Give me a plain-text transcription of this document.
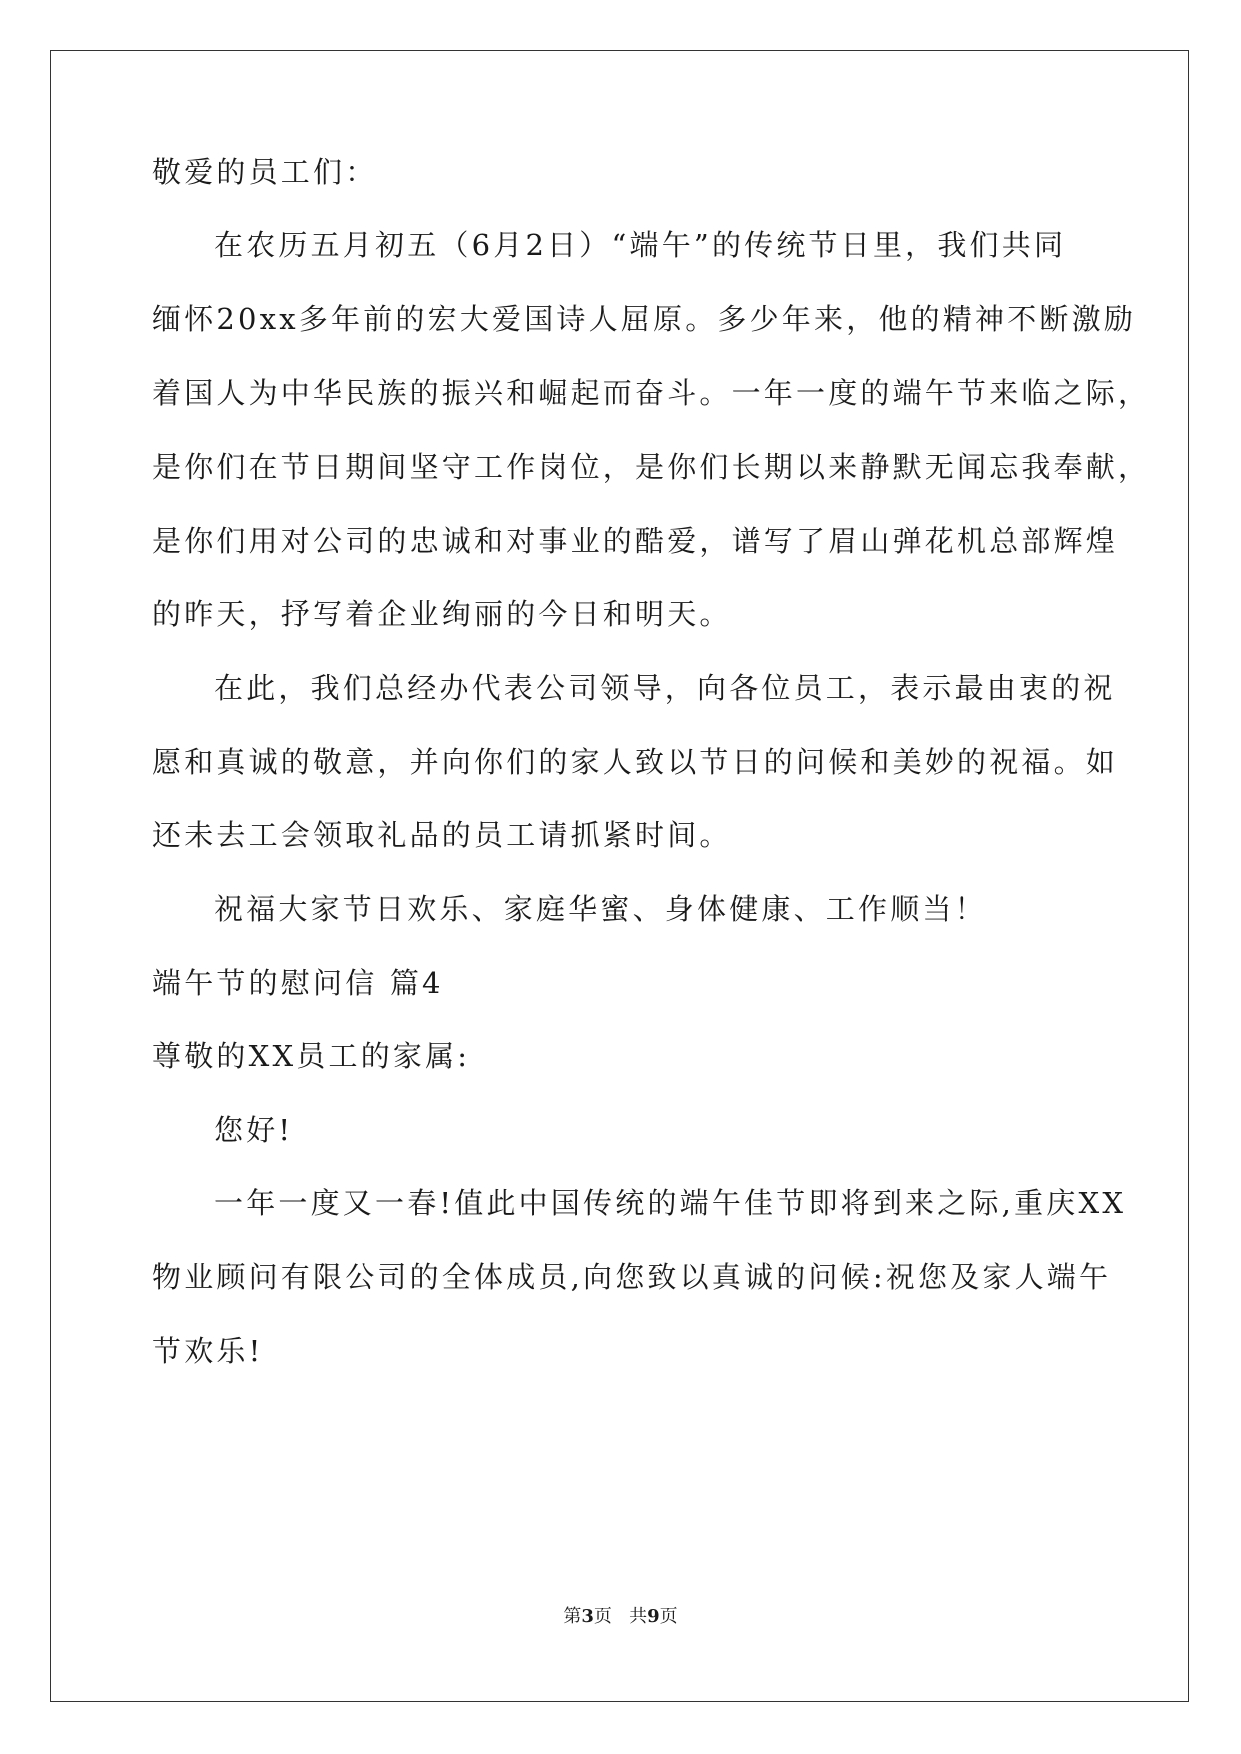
敬爱的员工们：
在农历五月初五（6月2日）“端午”的传统节日里，我们共同
缅怀20xx多年前的宏大爱国诗人屈原。多少年来，他的精神不断激励
着国人为中华民族的振兴和崛起而奋斗。一年一度的端午节来临之际，
是你们在节日期间坚守工作岗位，是你们长期以来静默无闻忘我奉献，
是你们用对公司的忠诚和对事业的酷爱，谱写了眉山弹花机总部辉煌
的昨天，抒写着企业绚丽的今日和明天。
在此，我们总经办代表公司领导，向各位员工，表示最由衷的祝
愿和真诚的敬意，并向你们的家人致以节日的问候和美妙的祝福。如
还未去工会领取礼品的员工请抓紧时间。
祝福大家节日欢乐、家庭华蜜、身体健康、工作顺当！
端午节的慰问信 篇4
尊敬的XX员工的家属:
您好!
一年一度又一春!值此中国传统的端午佳节即将到来之际,重庆XX
物业顾问有限公司的全体成员,向您致以真诚的问候:祝您及家人端午
节欢乐!
第3页 共9页
